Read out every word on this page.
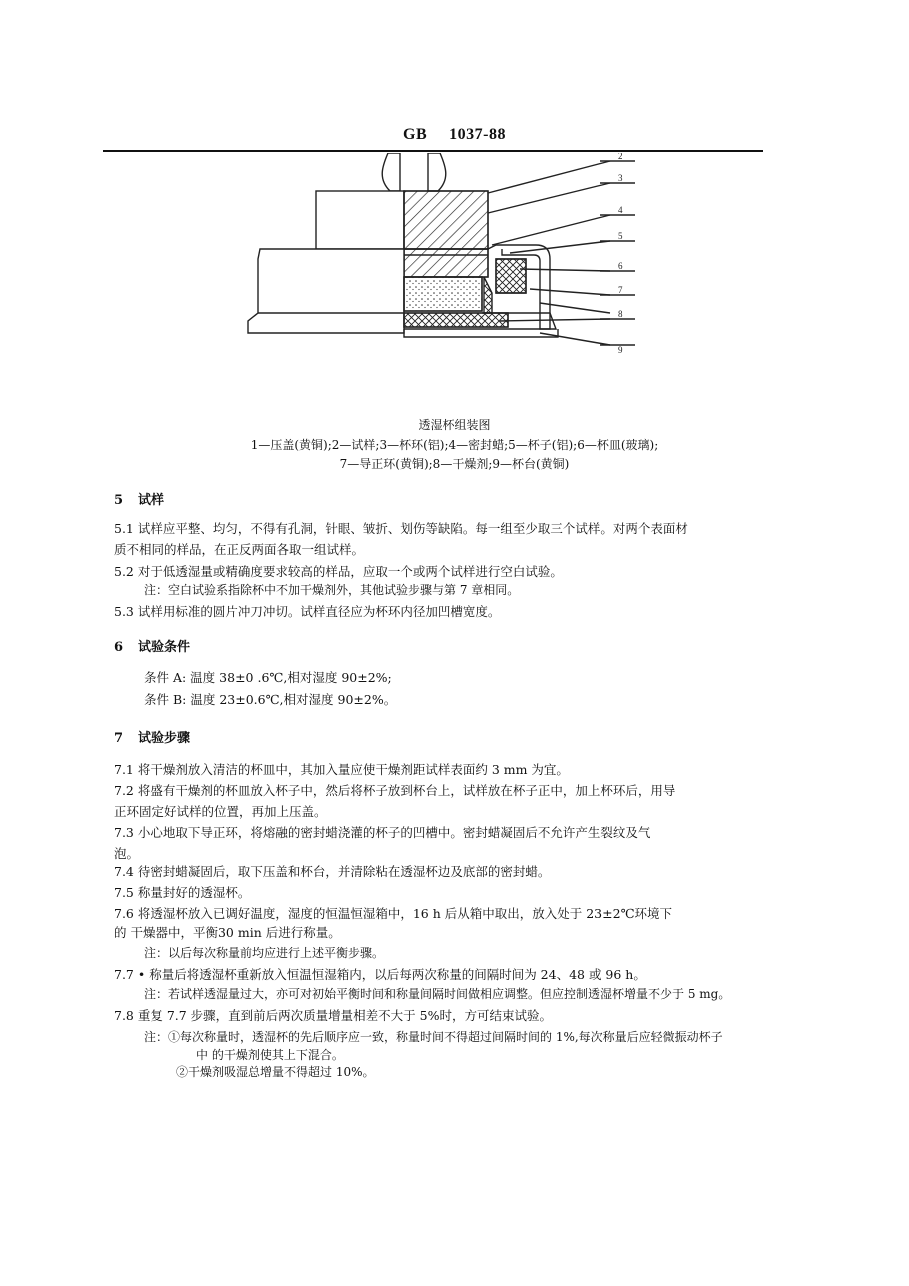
GB 1037-88
2
3
4
5
6
7
8
9
透湿杯组装图
1—压盖(黄铜);2—试样;3—杯环(铝);4—密封蜡;5—杯子(铝);6—杯皿(玻璃);
7—导正环(黄铜);8—干燥剂;9—杯台(黄铜)
5 试样
5.1 试样应平整、均匀，不得有孔洞，针眼、皱折、划伤等缺陷。每一组至少取三个试样。对两个表面材
质不相同的样品，在正反两面各取一组试样。
5.2 对于低透湿量或精确度要求较高的样品，应取一个或两个试样进行空白试验。
注：空白试验系指除杯中不加干燥剂外，其他试验步骤与第 7 章相同。
5.3 试样用标准的圆片冲刀冲切。试样直径应为杯环内径加凹槽宽度。
6 试验条件
条件 A: 温度 38±0 .6℃,相对湿度 90±2%;
条件 B: 温度 23±0.6℃,相对湿度 90±2%。
7 试验步骤
7.1 将干燥剂放入清洁的杯皿中，其加入量应使干燥剂距试样表面约 3 mm 为宜。
7.2 将盛有干燥剂的杯皿放入杯子中，然后将杯子放到杯台上，试样放在杯子正中，加上杯环后，用导
正环固定好试样的位置，再加上压盖。
7.3 小心地取下导正环，将熔融的密封蜡浇灌的杯子的凹槽中。密封蜡凝固后不允许产生裂纹及气
泡。
7.4 待密封蜡凝固后，取下压盖和杯台，并清除粘在透湿杯边及底部的密封蜡。
7.5 称量封好的透湿杯。
7.6 将透湿杯放入已调好温度，湿度的恒温恒湿箱中，16 h 后从箱中取出，放入处于 23±2℃环境下
的 干燥器中，平衡30 min 后进行称量。
注：以后每次称量前均应进行上述平衡步骤。
7.7 • 称量后将透湿杯重新放入恒温恒湿箱内，以后每两次称量的间隔时间为 24、48 或 96 h。
注：若试样透湿量过大，亦可对初始平衡时间和称量间隔时间做相应调整。但应控制透湿杯增量不少于 5 mg。
7.8 重复 7.7 步骤，直到前后两次质量增量相差不大于 5%时，方可结束试验。
注：①每次称量时，透湿杯的先后顺序应一致，称量时间不得超过间隔时间的 1%,每次称量后应轻微振动杯子
中 的干燥剂使其上下混合。
②干燥剂吸湿总增量不得超过 10%。
